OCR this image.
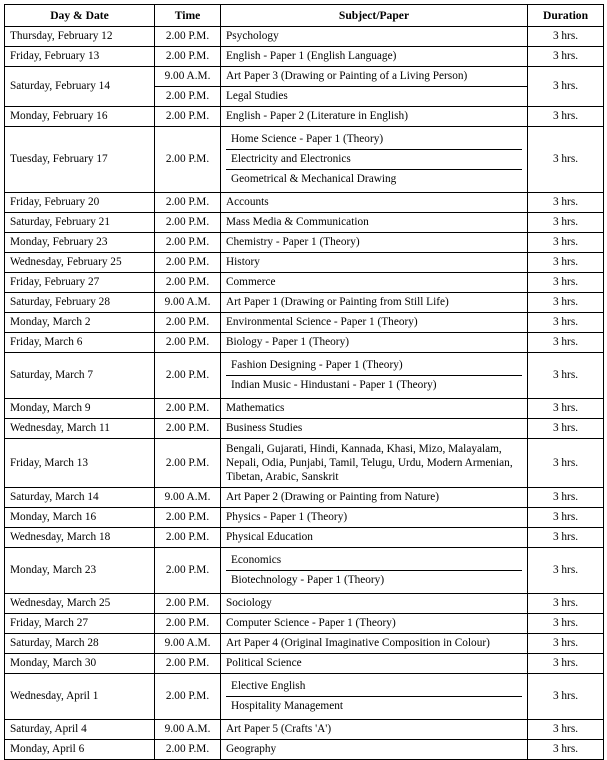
Day & Date	Time	Subject/Paper	Duration
Thursday, February 12	2.00 P.M.	Psychology	3 hrs.
Friday, February 13	2.00 P.M.	English - Paper 1 (English Language)	3 hrs.
Saturday, February 14	9.00 A.M.	Art Paper 3 (Drawing or Painting of a Living Person)	3 hrs.
	2.00 P.M.	Legal Studies	
Monday, February 16	2.00 P.M.	English - Paper 2 (Literature in English)	3 hrs.
Tuesday, February 17	2.00 P.M.	Home Science - Paper 1 (Theory)
Electricity and Electronics
Geometrical & Mechanical Drawing	3 hrs.
Friday, February 20	2.00 P.M.	Accounts	3 hrs.
Saturday, February 21	2.00 P.M.	Mass Media & Communication	3 hrs.
Monday, February 23	2.00 P.M.	Chemistry - Paper 1 (Theory)	3 hrs.
Wednesday, February 25	2.00 P.M.	History	3 hrs.
Friday, February 27	2.00 P.M.	Commerce	3 hrs.
Saturday, February 28	9.00 A.M.	Art Paper 1 (Drawing or Painting from Still Life)	3 hrs.
Monday, March 2	2.00 P.M.	Environmental Science - Paper 1 (Theory)	3 hrs.
Friday, March 6	2.00 P.M.	Biology - Paper 1 (Theory)	3 hrs.
Saturday, March 7	2.00 P.M.	Fashion Designing - Paper 1 (Theory)
Indian Music - Hindustani - Paper 1 (Theory)	3 hrs.
Monday, March 9	2.00 P.M.	Mathematics	3 hrs.
Wednesday, March 11	2.00 P.M.	Business Studies	3 hrs.
Friday, March 13	2.00 P.M.	Bengali, Gujarati, Hindi, Kannada, Khasi, Mizo, Malayalam, Nepali, Odia, Punjabi, Tamil, Telugu, Urdu, Modern Armenian, Tibetan, Arabic, Sanskrit	3 hrs.
Saturday, March 14	9.00 A.M.	Art Paper 2 (Drawing or Painting from Nature)	3 hrs.
Monday, March 16	2.00 P.M.	Physics - Paper 1 (Theory)	3 hrs.
Wednesday, March 18	2.00 P.M.	Physical Education	3 hrs.
Monday, March 23	2.00 P.M.	Economics
Biotechnology - Paper 1 (Theory)	3 hrs.
Wednesday, March 25	2.00 P.M.	Sociology	3 hrs.
Friday, March 27	2.00 P.M.	Computer Science - Paper 1 (Theory)	3 hrs.
Saturday, March 28	9.00 A.M.	Art Paper 4 (Original Imaginative Composition in Colour)	3 hrs.
Monday, March 30	2.00 P.M.	Political Science	3 hrs.
Wednesday, April 1	2.00 P.M.	Elective English
Hospitality Management	3 hrs.
Saturday, April 4	9.00 A.M.	Art Paper 5 (Crafts 'A')	3 hrs.
Monday, April 6	2.00 P.M.	Geography	3 hrs.
